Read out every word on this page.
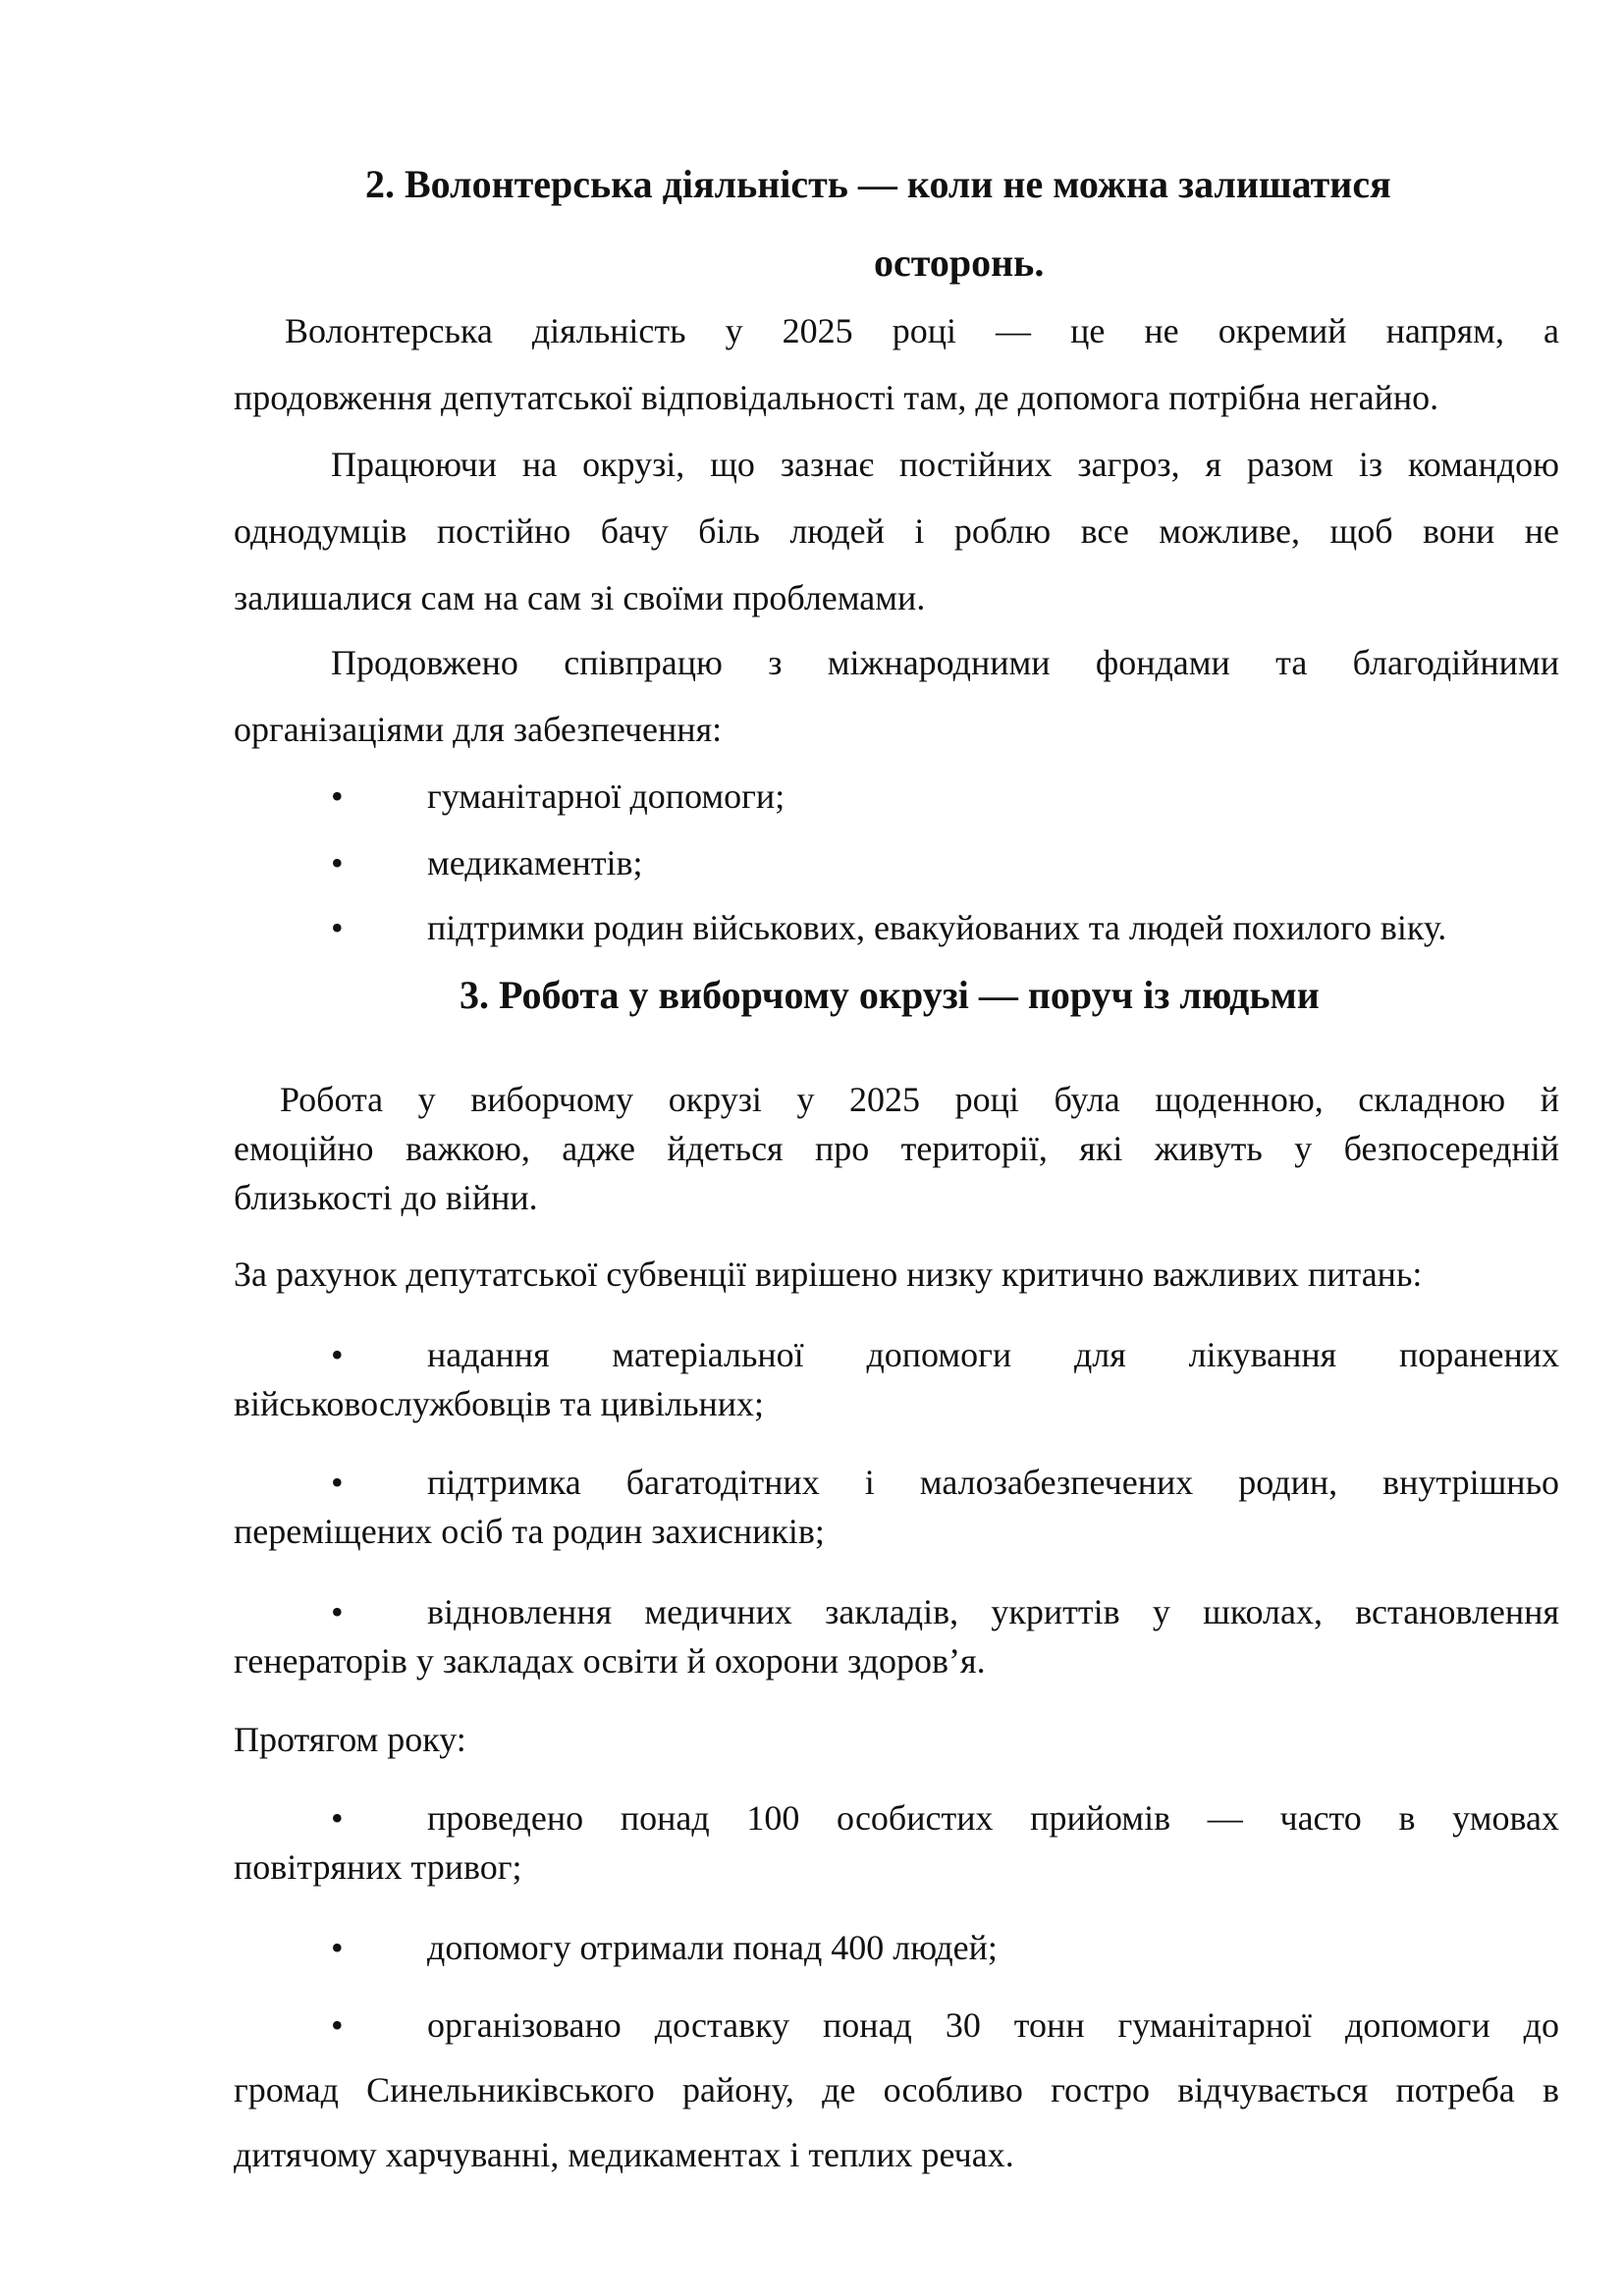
2. Волонтерська діяльність — коли не можна залишатися
осторонь.
Волонтерська діяльність у 2025 році — це не окремий напрям, а
продовження депутатської відповідальності там, де допомога потрібна негайно.
Працюючи на окрузі, що зазнає постійних загроз, я разом із командою
однодумців постійно бачу біль людей і роблю все можливе, щоб вони не
залишалися сам на сам зі своїми проблемами.
Продовжено співпрацю з міжнародними фондами та благодійними
організаціями для забезпечення:
• гуманітарної допомоги;
• медикаментів;
• підтримки родин військових, евакуйованих та людей похилого віку.
3. Робота у виборчому окрузі — поруч із людьми
Робота у виборчому окрузі у 2025 році була щоденною, складною й
емоційно важкою, адже йдеться про території, які живуть у безпосередній
близькості до війни.
За рахунок депутатської субвенції вирішено низку критично важливих питань:
• надання матеріальної допомоги для лікування поранених
військовослужбовців та цивільних;
• підтримка багатодітних і малозабезпечених родин, внутрішньо
переміщених осіб та родин захисників;
• відновлення медичних закладів, укриттів у школах, встановлення
генераторів у закладах освіти й охорони здоров’я.
Протягом року:
• проведено понад 100 особистих прийомів — часто в умовах
повітряних тривог;
• допомогу отримали понад 400 людей;
• організовано доставку понад 30 тонн гуманітарної допомоги до
громад Синельниківського району, де особливо гостро відчувається потреба в
дитячому харчуванні, медикаментах і теплих речах.
